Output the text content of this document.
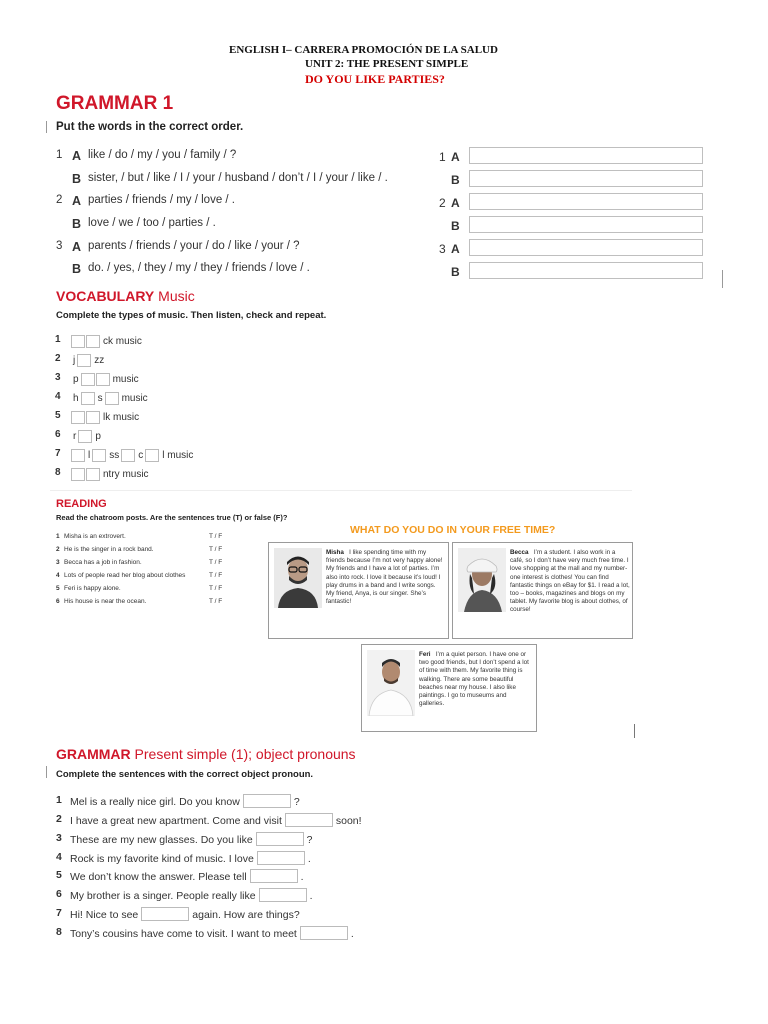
ENGLISH I– CARRERA PROMOCIÓN DE LA SALUD
UNIT 2: THE PRESENT SIMPLE
DO YOU LIKE PARTIES?
GRAMMAR 1
Put the words in the correct order.
1 A like / do / my / you / family / ?
B sister, / but / like / I / your / husband / don’t / I / your / like / .
2 A parties / friends / my / love / .
B love / we / too / parties / .
3 A parents / friends / your / do / like / your / ?
B do. / yes, / they / my / they / friends / love / .
1 A
B
2 A
B
3 A
B
VOCABULARY Music
Complete the types of music. Then listen, check and repeat.
1	ck music
2 j zz
3 p	music
4 h s music
5	lk music
6 r p
7	l ss c l music
8	ntry music
READING
Read the chatroom posts. Are the sentences true (T) or false (F)?
1 Misha is an extrovert.	T / F
2 He is the singer in a rock band.	T / F
3 Becca has a job in fashion.	T / F
4 Lots of people read her blog about clothes	T / F
5 Feri is happy alone.	T / F
6 His house is near the ocean.	T / F
WHAT DO YOU DO IN YOUR FREE TIME?
Misha I like spending time with my friends because I’m not very happy alone! My friends and I have a lot of parties. I’m also into rock. I love it because it’s loud! I play drums in a band and I write songs. My friend, Anya, is our singer. She’s fantastic!
Becca I’m a student. I also work in a café, so I don’t have very much free time. I love shopping at the mall and my number-one interest is clothes! You can find fantastic things on eBay for $1. I read a lot, too – books, magazines and blogs on my tablet. My favorite blog is about clothes, of course!
Feri I’m a quiet person. I have one or two good friends, but I don’t spend a lot of time with them. My favorite thing is walking. There are some beautiful beaches near my house. I also like paintings. I go to museums and galleries.
GRAMMAR Present simple (1); object pronouns
Complete the sentences with the correct object pronoun.
1 Mel is a really nice girl. Do you know	?
2 I have a great new apartment. Come and visit	soon!
3 These are my new glasses. Do you like	?
4 Rock is my favorite kind of music. I love	.
5 We don’t know the answer. Please tell	.
6 My brother is a singer. People really like	.
7 Hi! Nice to see	again. How are things?
8 Tony’s cousins have come to visit. I want to meet	.
